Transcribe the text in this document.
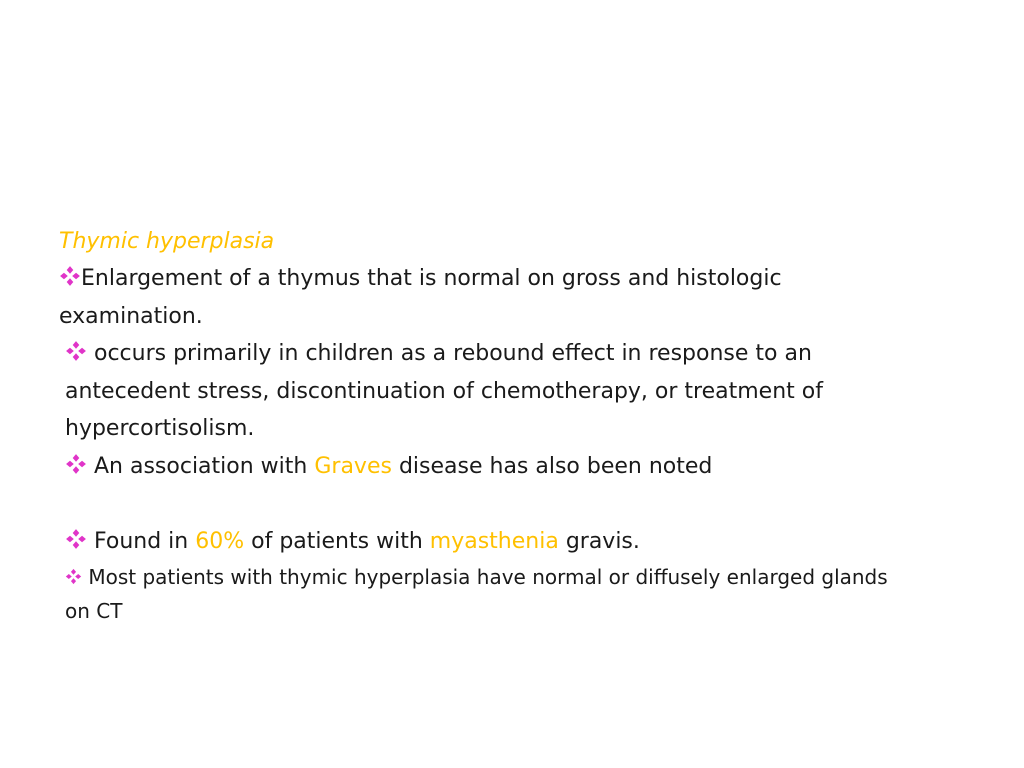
Thymic hyperplasia

Enlargement of a thymus that is normal on gross and histologic examination.

occurs primarily in children as a rebound effect in response to an antecedent stress, discontinuation of chemotherapy, or treatment of hypercortisolism.

An association with Graves disease has also been noted

Found in 60% of patients with myasthenia gravis.

Most patients with thymic hyperplasia have normal or diffusely enlarged glands on CT
